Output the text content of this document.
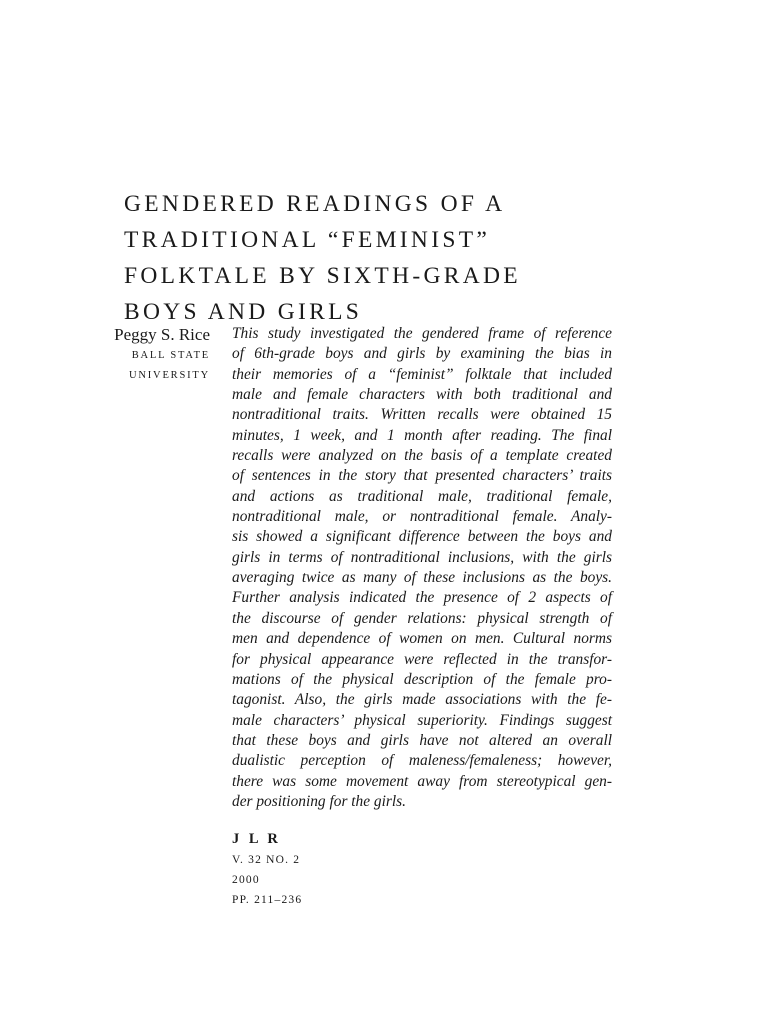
GENDERED READINGS OF A
TRADITIONAL “FEMINIST”
FOLKTALE BY SIXTH-GRADE
BOYS AND GIRLS
Peggy S. Rice
BALL STATE
UNIVERSITY

This study investigated the gendered frame of reference
of 6th-grade boys and girls by examining the bias in
their memories of a “feminist” folktale that included
male and female characters with both traditional and
nontraditional traits. Written recalls were obtained 15
minutes, 1 week, and 1 month after reading. The final
recalls were analyzed on the basis of a template created
of sentences in the story that presented characters’ traits
and actions as traditional male, traditional female,
nontraditional male, or nontraditional female. Analy-
sis showed a significant difference between the boys and
girls in terms of nontraditional inclusions, with the girls
averaging twice as many of these inclusions as the boys.
Further analysis indicated the presence of 2 aspects of
the discourse of gender relations: physical strength of
men and dependence of women on men. Cultural norms
for physical appearance were reflected in the transfor-
mations of the physical description of the female pro-
tagonist. Also, the girls made associations with the fe-
male characters’ physical superiority. Findings suggest
that these boys and girls have not altered an overall
dualistic perception of maleness/femaleness; however,
there was some movement away from stereotypical gen-
der positioning for the girls.

J L R
V. 32 NO. 2
2000
PP. 211–236
